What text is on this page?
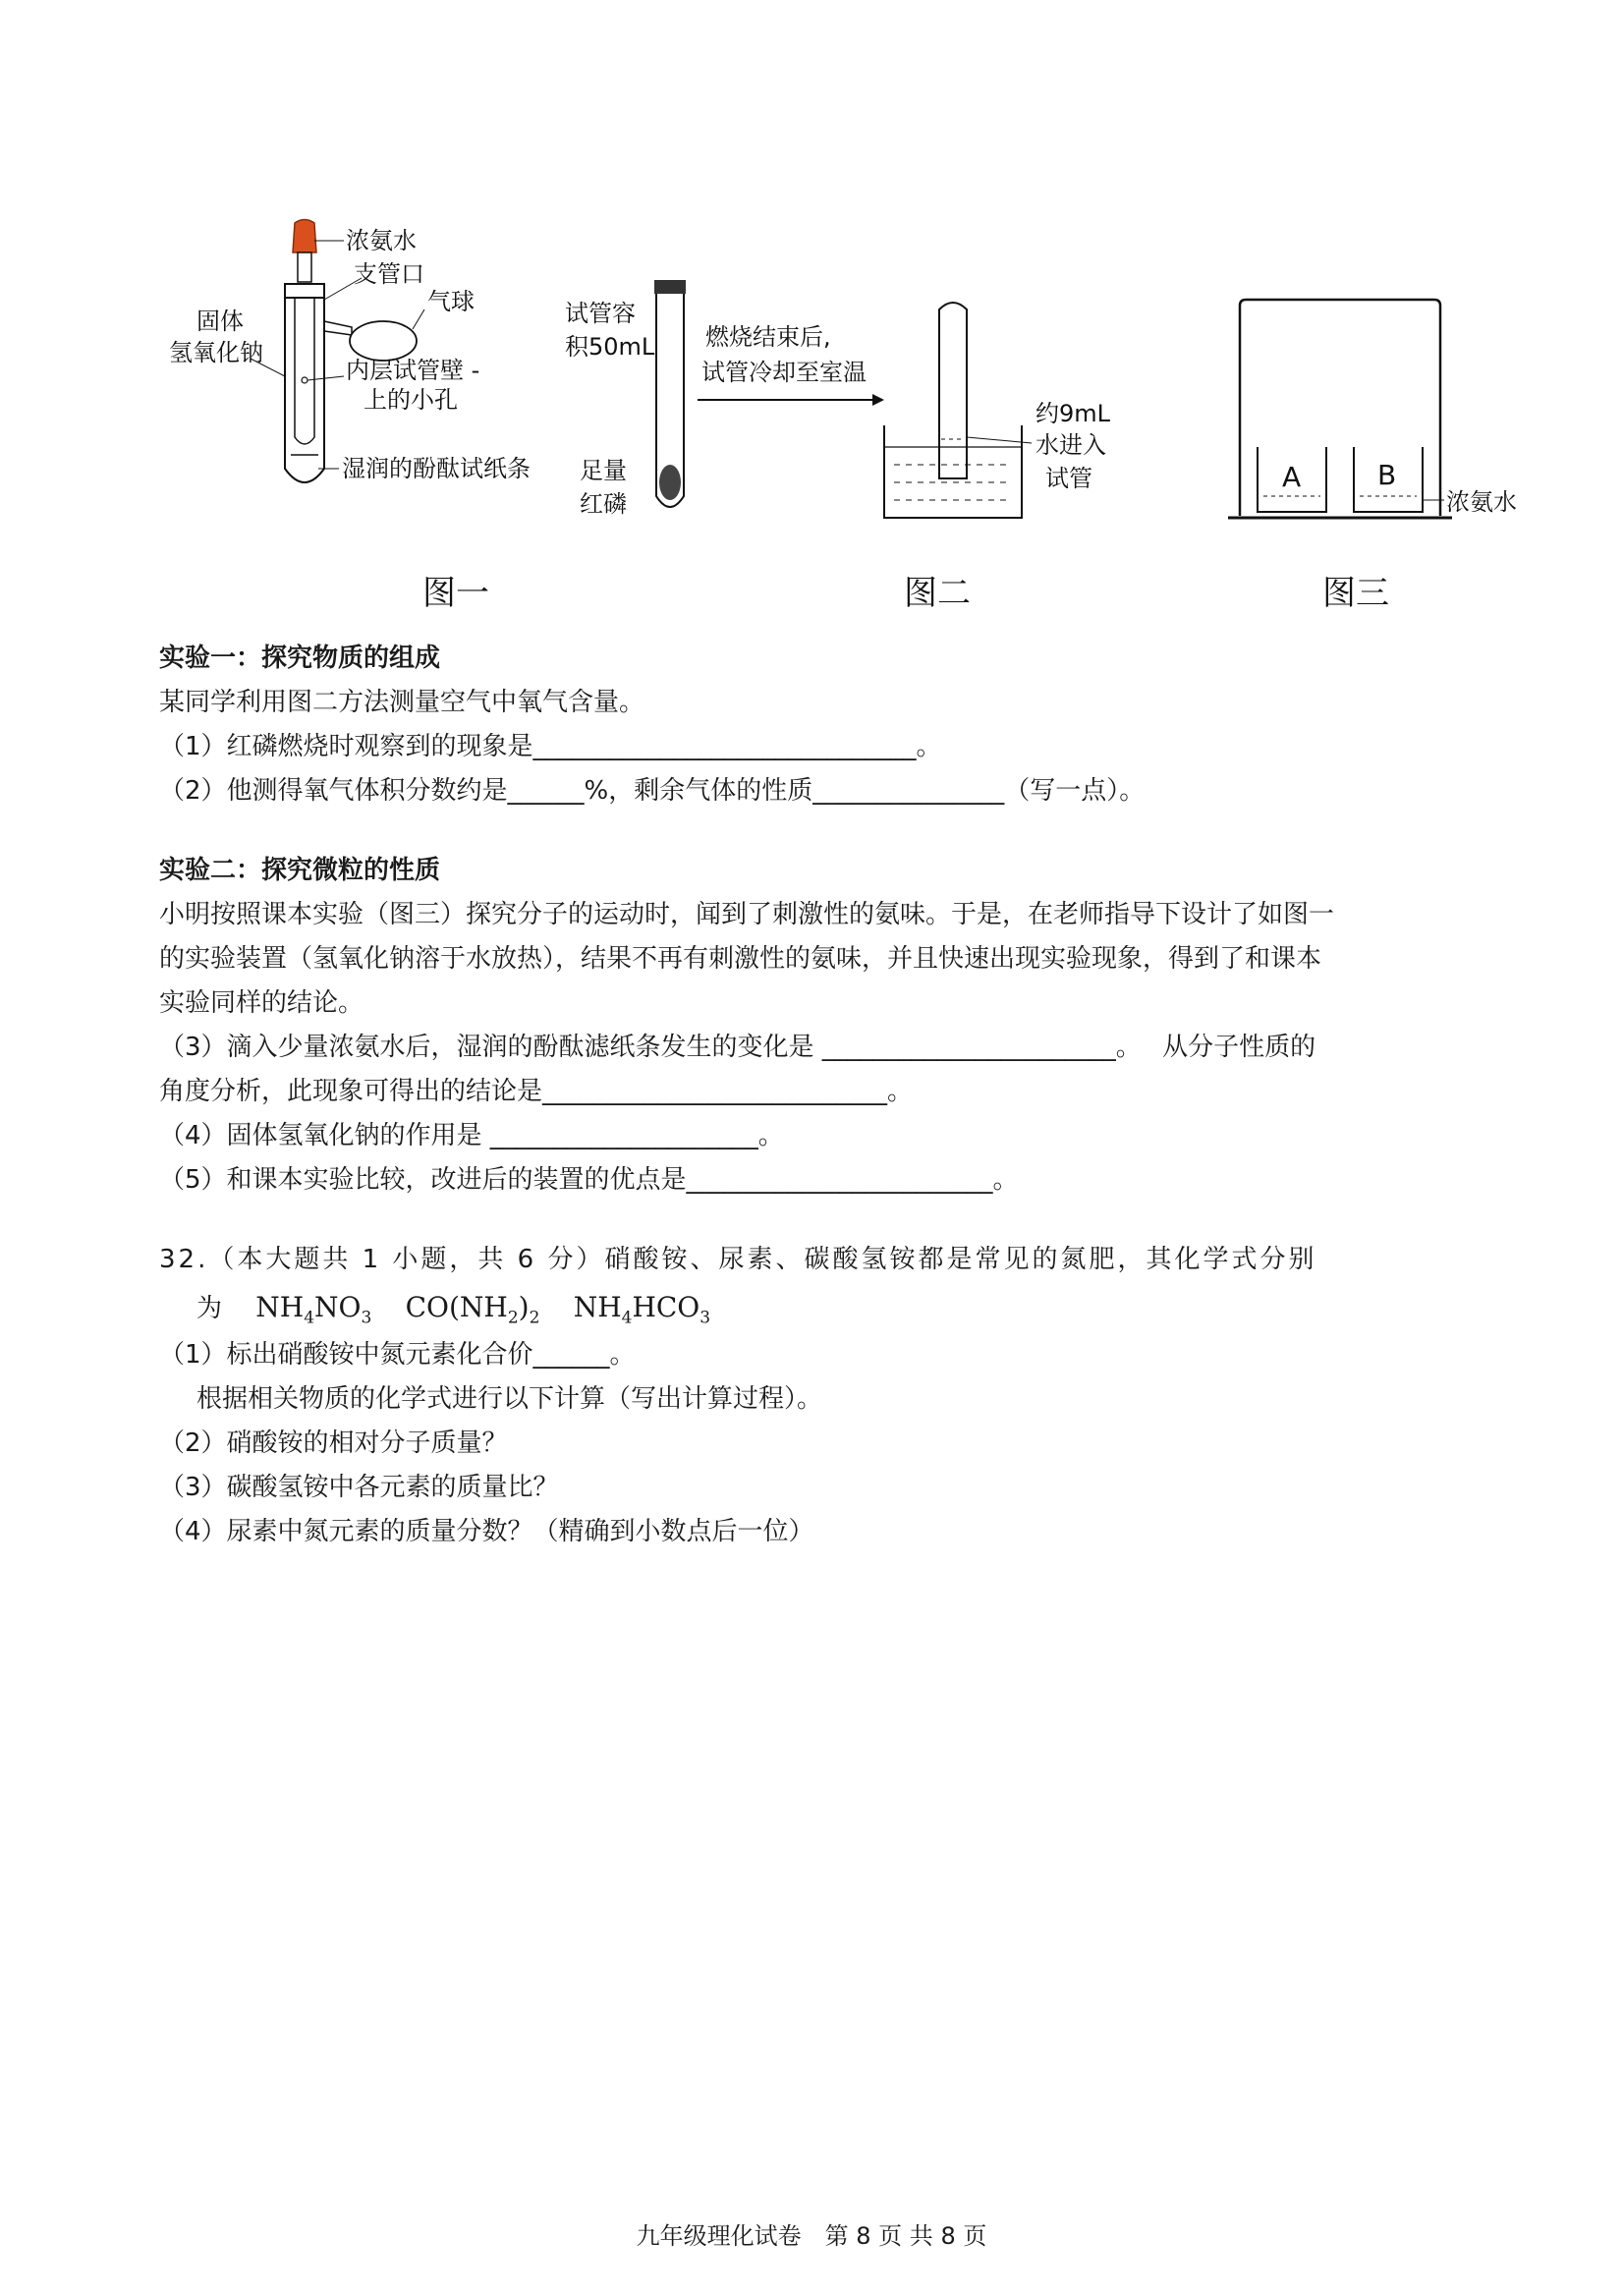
浓氨水
支管口
气球
固体
氢氧化钠
内层试管壁 -
上的小孔
湿润的酚酞试纸条
图一
试管容
积50mL
足量
红磷
燃烧结束后,
试管冷却至室温
约9mL
水进入
试管
图二
A	B
浓氨水
图三
实验一：探究物质的组成
某同学利用图二方法测量空气中氧气含量。
（1）红磷燃烧时观察到的现象是______________________________。
（2）他测得氧气体积分数约是______%，剩余气体的性质_______________（写一点）。
实验二：探究微粒的性质
小明按照课本实验（图三）探究分子的运动时，闻到了刺激性的氨味。于是，在老师指导下设计了如图一
的实验装置（氢氧化钠溶于水放热），结果不再有刺激性的氨味，并且快速出现实验现象，得到了和课本
实验同样的结论。
（3）滴入少量浓氨水后，湿润的酚酞滤纸条发生的变化是 _______________________。　 从分子性质的
角度分析，此现象可得出的结论是___________________________。
（4）固体氢氧化钠的作用是 _____________________。
（5）和课本实验比较，改进后的装置的优点是________________________。
32.（本大题共 1 小题，共 6 分）硝酸铵、尿素、碳酸氢铵都是常见的氮肥，其化学式分别
为 $NH_4NO_3$ $CO(NH_2)_2$ $NH_4HCO_3$
（1）标出硝酸铵中氮元素化合价______。
根据相关物质的化学式进行以下计算（写出计算过程）。
（2）硝酸铵的相对分子质量？
（3）碳酸氢铵中各元素的质量比？
（4）尿素中氮元素的质量分数？（精确到小数点后一位）
九年级理化试卷　第 8 页 共 8 页
